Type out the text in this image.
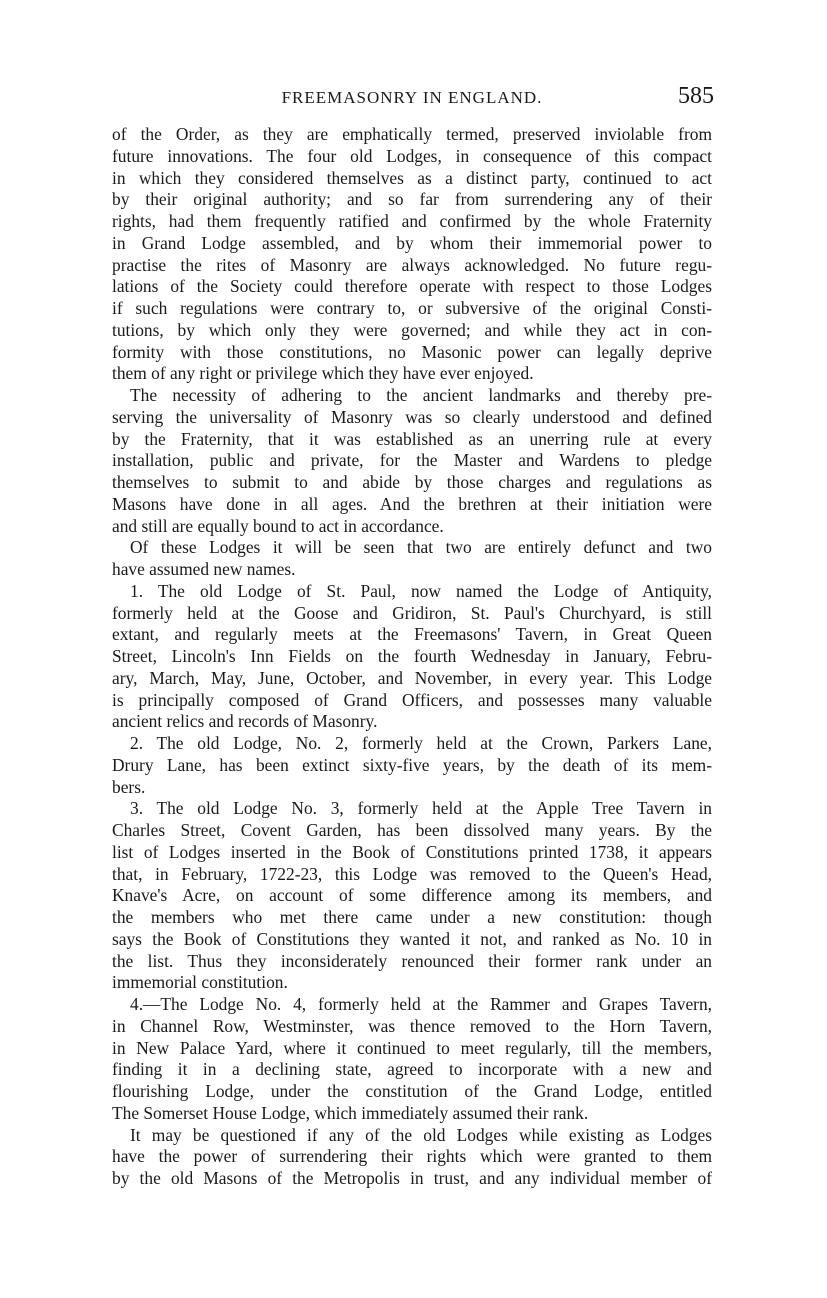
FREEMASONRY IN ENGLAND.	585
of the Order, as they are emphatically termed, preserved inviolable from
future innovations. The four old Lodges, in consequence of this compact
in which they considered themselves as a distinct party, continued to act
by their original authority; and so far from surrendering any of their
rights, had them frequently ratified and confirmed by the whole Fraternity
in Grand Lodge assembled, and by whom their immemorial power to
practise the rites of Masonry are always acknowledged. No future regu-
lations of the Society could therefore operate with respect to those Lodges
if such regulations were contrary to, or subversive of the original Consti-
tutions, by which only they were governed; and while they act in con-
formity with those constitutions, no Masonic power can legally deprive
them of any right or privilege which they have ever enjoyed.
The necessity of adhering to the ancient landmarks and thereby pre-
serving the universality of Masonry was so clearly understood and defined
by the Fraternity, that it was established as an unerring rule at every
installation, public and private, for the Master and Wardens to pledge
themselves to submit to and abide by those charges and regulations as
Masons have done in all ages. And the brethren at their initiation were
and still are equally bound to act in accordance.
Of these Lodges it will be seen that two are entirely defunct and two
have assumed new names.
1. The old Lodge of St. Paul, now named the Lodge of Antiquity,
formerly held at the Goose and Gridiron, St. Paul's Churchyard, is still
extant, and regularly meets at the Freemasons' Tavern, in Great Queen
Street, Lincoln's Inn Fields on the fourth Wednesday in January, Febru-
ary, March, May, June, October, and November, in every year. This Lodge
is principally composed of Grand Officers, and possesses many valuable
ancient relics and records of Masonry.
2. The old Lodge, No. 2, formerly held at the Crown, Parkers Lane,
Drury Lane, has been extinct sixty-five years, by the death of its mem-
bers.
3. The old Lodge No. 3, formerly held at the Apple Tree Tavern in
Charles Street, Covent Garden, has been dissolved many years. By the
list of Lodges inserted in the Book of Constitutions printed 1738, it appears
that, in February, 1722-23, this Lodge was removed to the Queen's Head,
Knave's Acre, on account of some difference among its members, and
the members who met there came under a new constitution: though
says the Book of Constitutions they wanted it not, and ranked as No. 10 in
the list. Thus they inconsiderately renounced their former rank under an
immemorial constitution.
4.—The Lodge No. 4, formerly held at the Rammer and Grapes Tavern,
in Channel Row, Westminster, was thence removed to the Horn Tavern,
in New Palace Yard, where it continued to meet regularly, till the members,
finding it in a declining state, agreed to incorporate with a new and
flourishing Lodge, under the constitution of the Grand Lodge, entitled
The Somerset House Lodge, which immediately assumed their rank.
It may be questioned if any of the old Lodges while existing as Lodges
have the power of surrendering their rights which were granted to them
by the old Masons of the Metropolis in trust, and any individual member of
